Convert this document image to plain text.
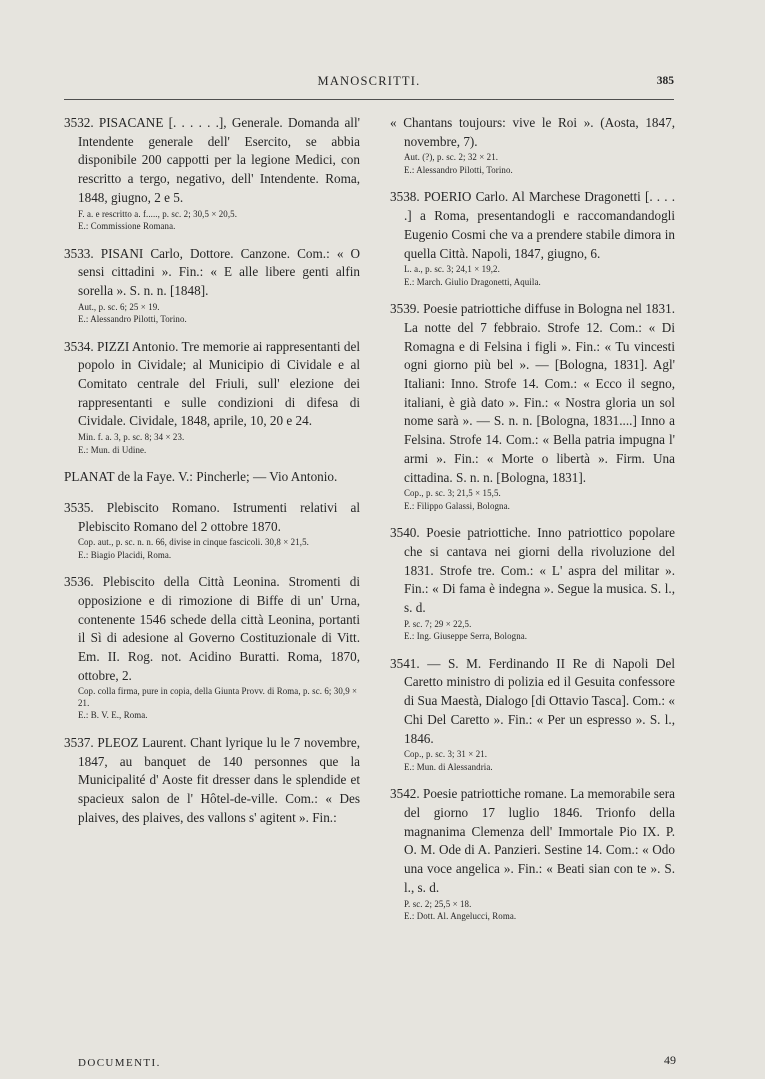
MANOSCRITTI.	385

3532. PISACANE [. . . . . .], Generale. Domanda all' Intendente generale dell' Esercito, se abbia disponibile 200 cappotti per la legione Medici, con rescritto a tergo, negativo, dell' Intendente. Roma, 1848, giugno, 2 e 5.

F. a. e rescritto a. f....., p. sc. 2; 30,5 × 20,5.

E.: Commissione Romana.

3533. PISANI Carlo, Dottore. Canzone. Com.: « O sensi cittadini ». Fin.: « E alle libere genti alfin sorella ». S. n. n. [1848].

Aut., p. sc. 6; 25 × 19.

E.: Alessandro Pilotti, Torino.

3534. PIZZI Antonio. Tre memorie ai rappresentanti del popolo in Cividale; al Municipio di Cividale e al Comitato centrale del Friuli, sull' elezione dei rappresentanti e sulle condizioni di difesa di Cividale. Cividale, 1848, aprile, 10, 20 e 24.

Min. f. a. 3, p. sc. 8; 34 × 23.

E.: Mun. di Udine.

PLANAT de la Faye. V.: Pincherle; — Vio Antonio.

3535. Plebiscito Romano. Istrumenti relativi al Plebiscito Romano del 2 ottobre 1870.

Cop. aut., p. sc. n. n. 66, divise in cinque fascicoli. 30,8 × 21,5.

E.: Biagio Placidi, Roma.

3536. Plebiscito della Città Leonina. Stromenti di opposizione e di rimozione di Biffe di un' Urna, contenente 1546 schede della città Leonina, portanti il Sì di adesione al Governo Costituzionale di Vitt. Em. II. Rog. not. Acidino Buratti. Roma, 1870, ottobre, 2.

Cop. colla firma, pure in copia, della Giunta Provv. di Roma, p. sc. 6; 30,9 × 21.

E.: B. V. E., Roma.

3537. PLEOZ Laurent. Chant lyrique lu le 7 novembre, 1847, au banquet de 140 personnes que la Municipalité d' Aoste fit dresser dans le splendide et spacieux salon de l' Hôtel-de-ville. Com.: « Des plaives, des plaives, des vallons s' agitent ». Fin.:

« Chantans toujours: vive le Roi ». (Aosta, 1847, novembre, 7).

Aut. (?), p. sc. 2; 32 × 21.

E.: Alessandro Pilotti, Torino.

3538. POERIO Carlo. Al Marchese Dragonetti [. . . . .] a Roma, presentandogli e raccomandandogli Eugenio Cosmi che va a prendere stabile dimora in quella Città. Napoli, 1847, giugno, 6.

L. a., p. sc. 3; 24,1 × 19,2.

E.: March. Giulio Dragonetti, Aquila.

3539. Poesie patriottiche diffuse in Bologna nel 1831. La notte del 7 febbraio. Strofe 12. Com.: « Di Romagna e di Felsina i figli ». Fin.: « Tu vincesti ogni giorno più bel ». — [Bologna, 1831]. Agl' Italiani: Inno. Strofe 14. Com.: « Ecco il segno, italiani, è già dato ». Fin.: « Nostra gloria un sol nome sarà ». — S. n. n. [Bologna, 1831....] Inno a Felsina. Strofe 14. Com.: « Bella patria impugna l' armi ». Fin.: « Morte o libertà ». Firm. Una cittadina. S. n. n. [Bologna, 1831].

Cop., p. sc. 3; 21,5 × 15,5.

E.: Filippo Galassi, Bologna.

3540. Poesie patriottiche. Inno patriottico popolare che si cantava nei giorni della rivoluzione del 1831. Strofe tre. Com.: « L' aspra del militar ». Fin.: « Di fama è indegna ». Segue la musica. S. l., s. d.

P. sc. 7; 29 × 22,5.

E.: Ing. Giuseppe Serra, Bologna.

3541. — S. M. Ferdinando II Re di Napoli Del Caretto ministro di polizia ed il Gesuita confessore di Sua Maestà, Dialogo [di Ottavio Tasca]. Com.: « Chi Del Caretto ». Fin.: « Per un espresso ». S. l., 1846.

Cop., p. sc. 3; 31 × 21.

E.: Mun. di Alessandria.

3542. Poesie patriottiche romane. La memorabile sera del giorno 17 luglio 1846. Trionfo della magnanima Clemenza dell' Immortale Pio IX. P. O. M. Ode di A. Panzieri. Sestine 14. Com.: « Odo una voce angelica ». Fin.: « Beati sian con te ». S. l., s. d.

P. sc. 2; 25,5 × 18.

E.: Dott. Al. Angelucci, Roma.

DOCUMENTI.	49
